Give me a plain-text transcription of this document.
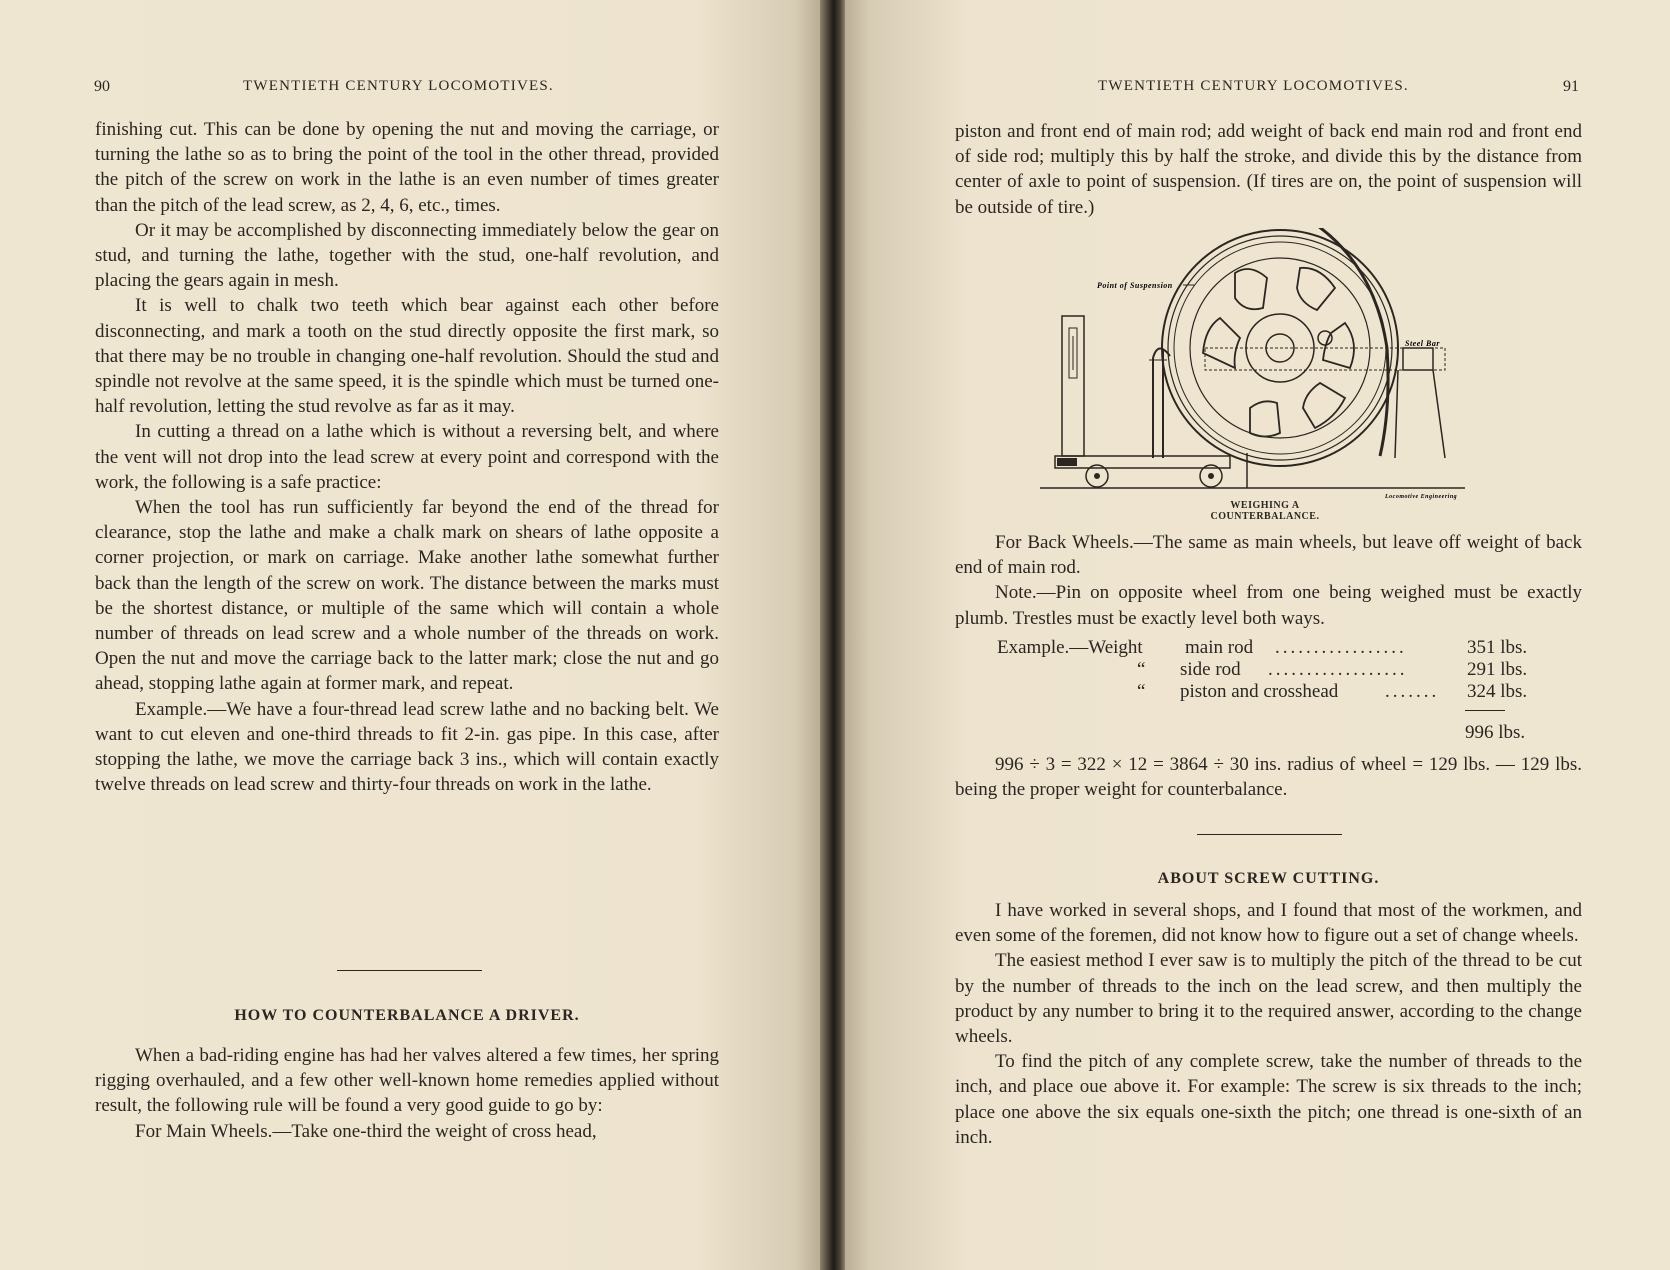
90	TWENTIETH CENTURY LOCOMOTIVES.

finishing cut. This can be done by opening the nut and moving the carriage, or turning the lathe so as to bring the point of the tool in the other thread, provided the pitch of the screw on work in the lathe is an even number of times greater than the pitch of the lead screw, as 2, 4, 6, etc., times.

Or it may be accomplished by disconnecting immediately below the gear on stud, and turning the lathe, together with the stud, one-half revolution, and placing the gears again in mesh.

It is well to chalk two teeth which bear against each other before disconnecting, and mark a tooth on the stud directly opposite the first mark, so that there may be no trouble in changing one-half revolution. Should the stud and spindle not revolve at the same speed, it is the spindle which must be turned one-half revolution, letting the stud revolve as far as it may.

In cutting a thread on a lathe which is without a reversing belt, and where the vent will not drop into the lead screw at every point and correspond with the work, the following is a safe practice:

When the tool has run sufficiently far beyond the end of the thread for clearance, stop the lathe and make a chalk mark on shears of lathe opposite a corner projection, or mark on carriage. Make another lathe somewhat further back than the length of the screw on work. The distance between the marks must be the shortest distance, or multiple of the same which will contain a whole number of threads on lead screw and a whole number of the threads on work. Open the nut and move the carriage back to the latter mark; close the nut and go ahead, stopping lathe again at former mark, and repeat.

Example.—We have a four-thread lead screw lathe and no backing belt. We want to cut eleven and one-third threads to fit 2-in. gas pipe. In this case, after stopping the lathe, we move the carriage back 3 ins., which will contain exactly twelve threads on lead screw and thirty-four threads on work in the lathe.

HOW TO COUNTERBALANCE A DRIVER.

When a bad-riding engine has had her valves altered a few times, her spring rigging overhauled, and a few other well-known home remedies applied without result, the following rule will be found a very good guide to go by:

For Main Wheels.—Take one-third the weight of cross head,

TWENTIETH CENTURY LOCOMOTIVES.	91

piston and front end of main rod; add weight of back end main rod and front end of side rod; multiply this by half the stroke, and divide this by the distance from center of axle to point of suspension. (If tires are on, the point of suspension will be outside of tire.)

Point of Suspension
Steel Bar
Locomotive Engineering
WEIGHING A COUNTERBALANCE.

For Back Wheels.—The same as main wheels, but leave off weight of back end of main rod.

Note.—Pin on opposite wheel from one being weighed must be exactly plumb. Trestles must be exactly level both ways.

Example.—Weight main rod .................	351 lbs.
“ side rod ..................	291 lbs.
“ piston and crosshead ....... 324 lbs.
996 lbs.
996 ÷ 3 = 322 × 12 = 3864 ÷ 30 ins. radius of wheel = 129 lbs. — 129 lbs. being the proper weight for counterbalance.
ABOUT SCREW CUTTING.

I have worked in several shops, and I found that most of the workmen, and even some of the foremen, did not know how to figure out a set of change wheels.

The easiest method I ever saw is to multiply the pitch of the thread to be cut by the number of threads to the inch on the lead screw, and then multiply the product by any number to bring it to the required answer, according to the change wheels.

To find the pitch of any complete screw, take the number of threads to the inch, and place oue above it. For example: The screw is six threads to the inch; place one above the six equals one-sixth the pitch; one thread is one-sixth of an inch.
